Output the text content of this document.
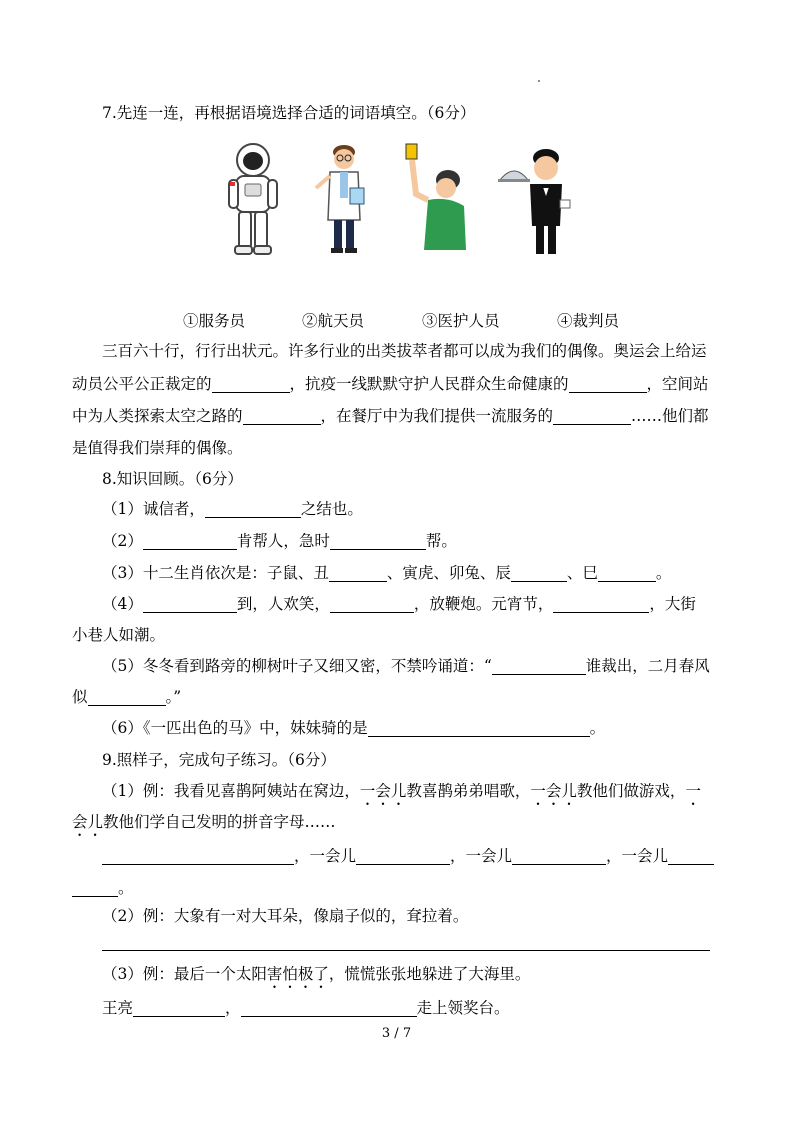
7.先连一连，再根据语境选择合适的词语填空。（6分）
①服务员	②航天员	③医护人员	④裁判员
三百六十行，行行出状元。许多行业的出类拔萃者都可以成为我们的偶像。奥运会上给运
动员公平公正裁定的	，抗疫一线默默守护人民群众生命健康的	，空间站
中为人类探索太空之路的	，在餐厅中为我们提供一流服务的	……他们都
是值得我们崇拜的偶像。
8.知识回顾。（6分）
（1）诚信者，	之结也。
（2）	肯帮人，急时	帮。
（3）十二生肖依次是：子鼠、丑	、寅虎、卯兔、辰	、巳	。
（4）	到，人欢笑，	，放鞭炮。元宵节，	，大街
小巷人如潮。
（5）冬冬看到路旁的柳树叶子又细又密，不禁吟诵道：“	谁裁出，二月春风
似	。”
（6）《一匹出色的马》中，妹妹骑的是	。
9.照样子，完成句子练习。（6分）
（1）例：我看见喜鹊阿姨站在窝边，一会儿教喜鹊弟弟唱歌，一会儿教他们做游戏，一
会儿教他们学自己发明的拼音字母……
，一会儿	，一会儿	，一会儿
。
（2）例：大象有一对大耳朵，像扇子似的，耷拉着。
（3）例：最后一个太阳害怕极了，慌慌张张地躲进了大海里。
王亮	，	走上领奖台。
3 / 7
